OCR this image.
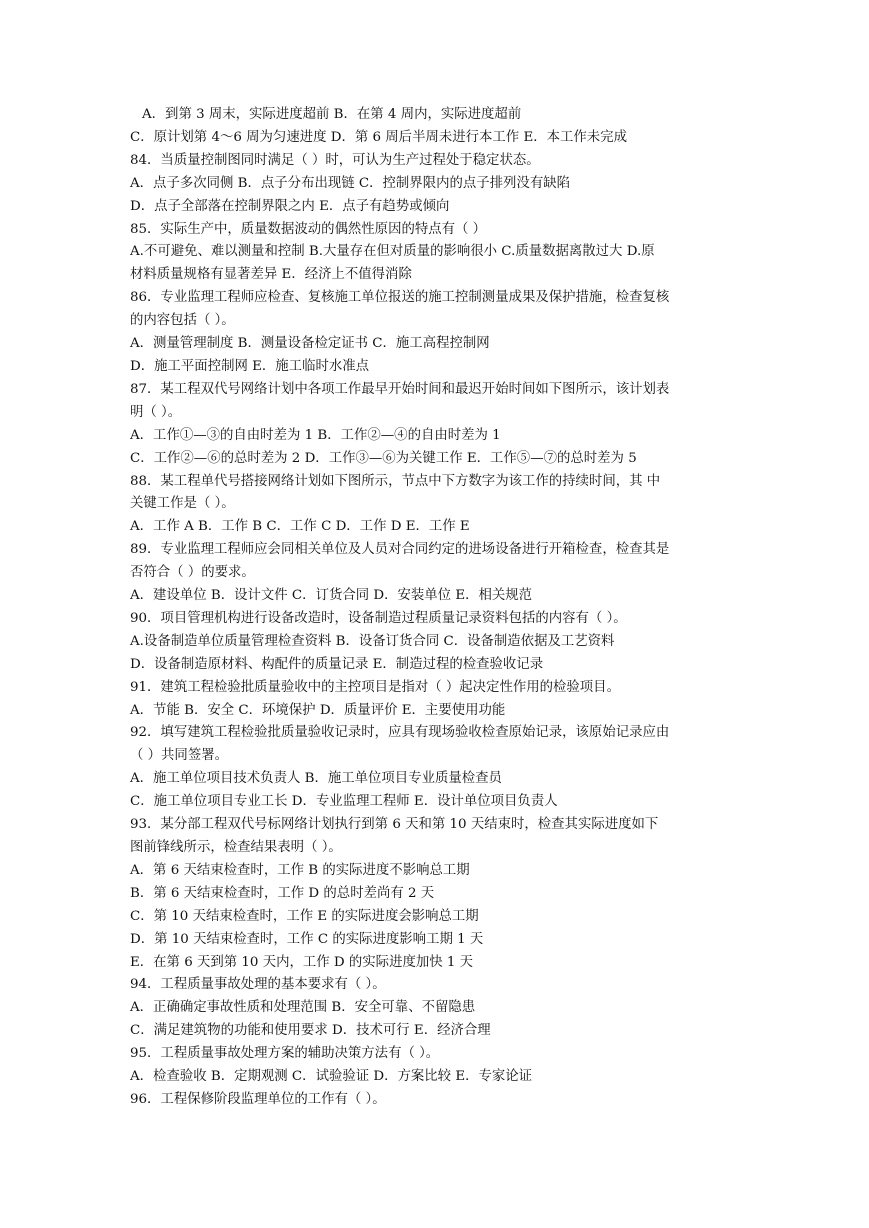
A．到第 3 周末，实际进度超前 B．在第 4 周内，实际进度超前

C．原计划第 4～6 周为匀速进度 D．第 6 周后半周未进行本工作 E．本工作未完成

84．当质量控制图同时满足（ ）时，可认为生产过程处于稳定状态。

A．点子多次同侧 B．点子分布出现链 C．控制界限内的点子排列没有缺陷

D．点子全部落在控制界限之内 E．点子有趋势或倾向

85．实际生产中，质量数据波动的偶然性原因的特点有（ ）

A.不可避免、难以测量和控制 B.大量存在但对质量的影响很小 C.质量数据离散过大 D.原

材料质量规格有显著差异 E．经济上不值得消除

86．专业监理工程师应检查、复核施工单位报送的施工控制测量成果及保护措施，检查复核

的内容包括（ ）。

A．测量管理制度 B．测量设备检定证书 C．施工高程控制网

D．施工平面控制网 E．施工临时水准点

87．某工程双代号网络计划中各项工作最早开始时间和最迟开始时间如下图所示，该计划表

明（ ）。

A．工作①—③的自由时差为 1 B．工作②—④的自由时差为 1

C．工作②—⑥的总时差为 2 D．工作③—⑥为关键工作 E．工作⑤—⑦的总时差为 5

88．某工程单代号搭接网络计划如下图所示，节点中下方数字为该工作的持续时间，其 中

关键工作是（ ）。

A．工作 A B．工作 B C．工作 C D．工作 D E．工作 E

89．专业监理工程师应会同相关单位及人员对合同约定的进场设备进行开箱检查，检查其是

否符合（ ）的要求。

A．建设单位 B．设计文件 C．订货合同 D．安装单位 E．相关规范

90．项目管理机构进行设备改造时，设备制造过程质量记录资料包括的内容有（ ）。

A.设备制造单位质量管理检查资料 B．设备订货合同 C．设备制造依据及工艺资料

D．设备制造原材料、构配件的质量记录 E．制造过程的检查验收记录

91．建筑工程检验批质量验收中的主控项目是指对（ ）起决定性作用的检验项目。

A．节能 B．安全 C．环境保护 D．质量评价 E．主要使用功能

92．填写建筑工程检验批质量验收记录时，应具有现场验收检查原始记录，该原始记录应由

（ ）共同签署。

A．施工单位项目技术负责人 B．施工单位项目专业质量检查员

C．施工单位项目专业工长 D．专业监理工程师 E．设计单位项目负责人

93．某分部工程双代号标网络计划执行到第 6 天和第 10 天结束时，检查其实际进度如下

图前锋线所示，检查结果表明（ ）。

A．第 6 天结束检查时，工作 B 的实际进度不影响总工期

B．第 6 天结束检查时，工作 D 的总时差尚有 2 天

C．第 10 天结束检查时，工作 E 的实际进度会影响总工期

D．第 10 天结束检查时，工作 C 的实际进度影响工期 1 天

E．在第 6 天到第 10 天内，工作 D 的实际进度加快 1 天

94．工程质量事故处理的基本要求有（ ）。

A．正确确定事故性质和处理范围 B．安全可靠、不留隐患

C．满足建筑物的功能和使用要求 D．技术可行 E．经济合理

95．工程质量事故处理方案的辅助决策方法有（ ）。

A．检查验收 B．定期观测 C．试验验证 D．方案比较 E．专家论证

96．工程保修阶段监理单位的工作有（ ）。
